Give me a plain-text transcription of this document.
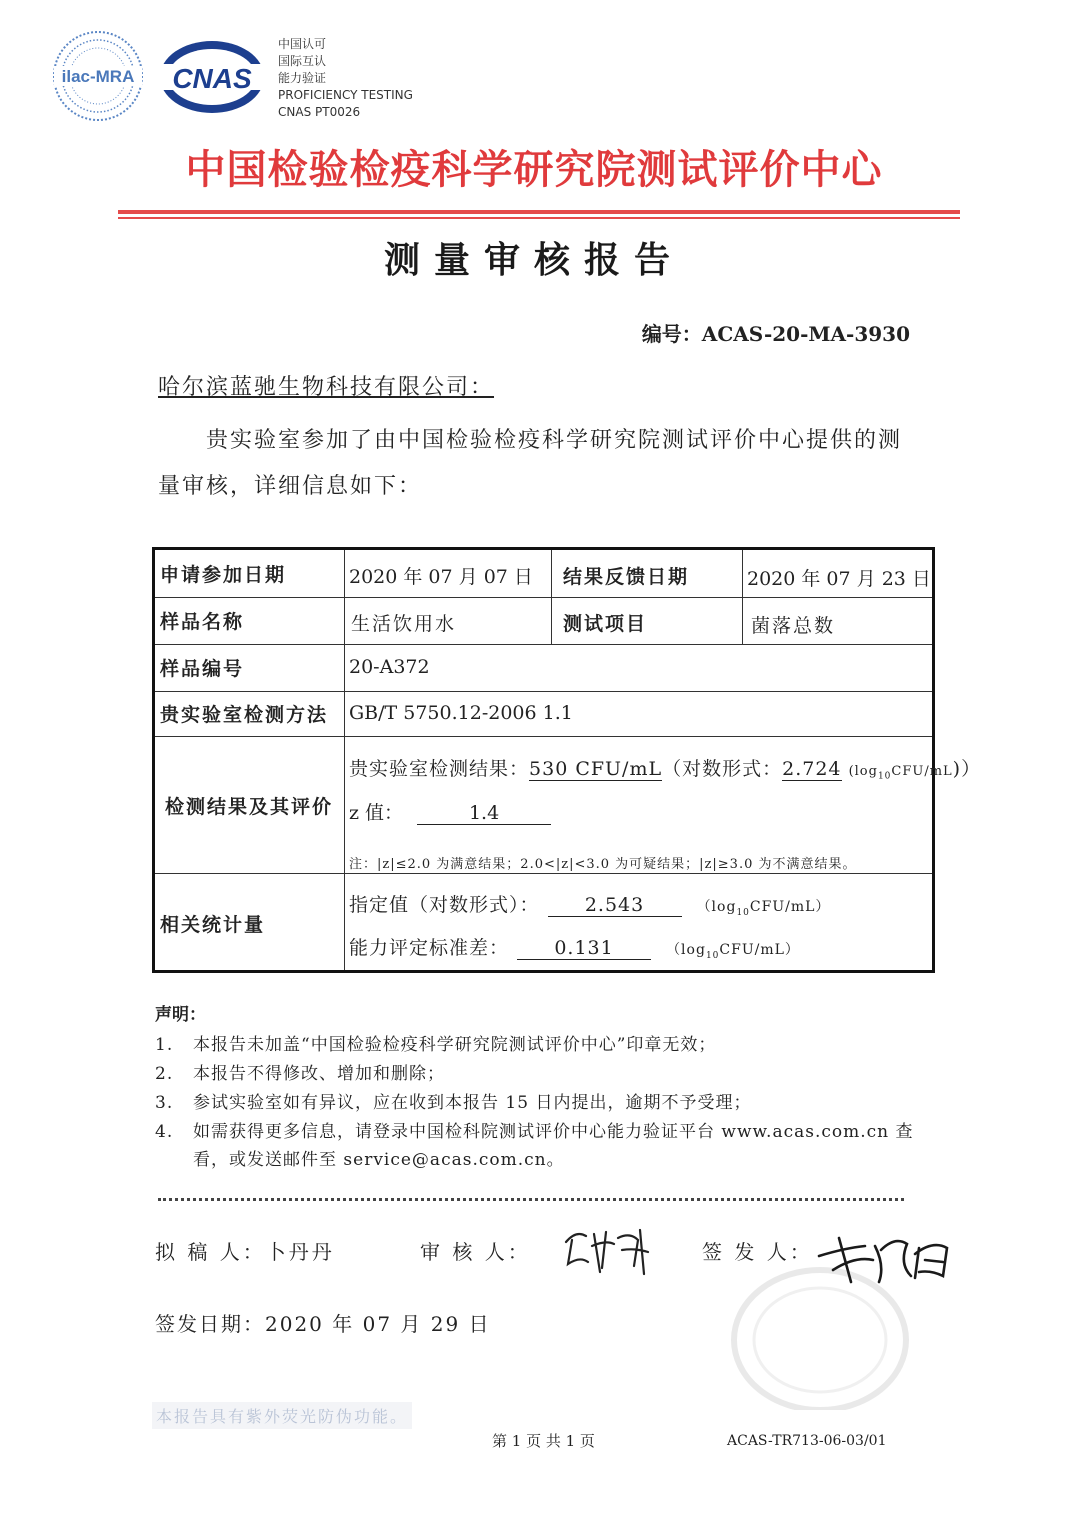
ilac-MRA CNAS
中国认可
国际互认
能力验证
PROFICIENCY TESTING
CNAS PT0026
中国检验检疫科学研究院测试评价中心
测量审核报告
编号：ACAS-20-MA-3930
哈尔滨蓝驰生物科技有限公司：
贵实验室参加了由中国检验检疫科学研究院测试评价中心提供的测量审核，详细信息如下：
申请参加日期	2020 年 07 月 07 日 结果反馈日期	2020 年 07 月 23 日
样品名称	生活饮用水	测试项目	菌落总数
样品编号	20-A372
贵实验室检测方法 GB/T 5750.12-2006 1.1
检测结果及其评价
贵实验室检测结果：530 CFU/mL（对数形式：2.724 $(\log_{10}CFU/mL)$）
z 值：	1.4
注：|z|≤2.0 为满意结果；2.0<|z|<3.0 为可疑结果；|z|≥3.0 为不满意结果。
相关统计量
指定值（对数形式）： 2.543	$(\log_{10}CFU/mL)$
能力评定标准差： 0.131	$(\log_{10}CFU/mL)$
声明：
1. 本报告未加盖“中国检验检疫科学研究院测试评价中心”印章无效；
2. 本报告不得修改、增加和删除；
3. 参试实验室如有异议，应在收到本报告 15 日内提出，逾期不予受理；
4. 如需获得更多信息，请登录中国检科院测试评价中心能力验证平台 www.acas.com.cn 查
看，或发送邮件至 service@acas.com.cn。
拟 稿 人：卜丹丹	审 核 人：	签 发 人：
签发日期：2020 年 07 月 29 日
本报告具有紫外荧光防伪功能。
第 1 页 共 1 页	ACAS-TR713-06-03/01
